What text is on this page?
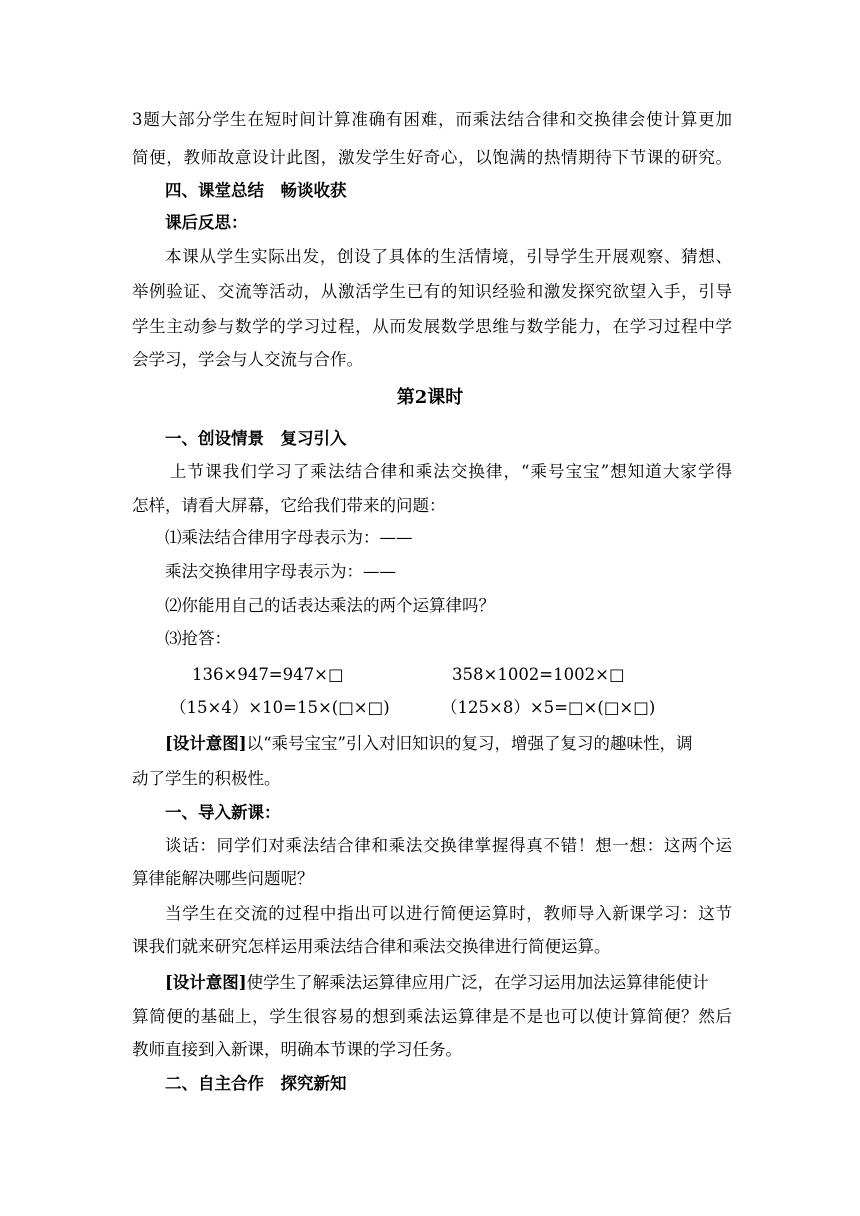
3题大部分学生在短时间计算准确有困难，而乘法结合律和交换律会使计算更加
简便，教师故意设计此图，激发学生好奇心，以饱满的热情期待下节课的研究。
四、课堂总结　畅谈收获
课后反思：
本课从学生实际出发，创设了具体的生活情境，引导学生开展观察、猜想、
举例验证、交流等活动，从激活学生已有的知识经验和激发探究欲望入手，引导
学生主动参与数学的学习过程，从而发展数学思维与数学能力，在学习过程中学
会学习，学会与人交流与合作。
第2课时
一、创设情景　复习引入
上节课我们学习了乘法结合律和乘法交换律，“乘号宝宝”想知道大家学得
怎样，请看大屏幕，它给我们带来的问题：
⑴乘法结合律用字母表示为：——
乘法交换律用字母表示为：——
⑵你能用自己的话表达乘法的两个运算律吗？
⑶抢答：
136×947=947×□	358×1002=1002×□
（15×4）×10=15×(□×□)	（125×8）×5=□×(□×□)
[设计意图]以“乘号宝宝”引入对旧知识的复习，增强了复习的趣味性，调
动了学生的积极性。
一、导入新课：
谈话：同学们对乘法结合律和乘法交换律掌握得真不错！想一想：这两个运
算律能解决哪些问题呢？
当学生在交流的过程中指出可以进行简便运算时，教师导入新课学习：这节
课我们就来研究怎样运用乘法结合律和乘法交换律进行简便运算。
[设计意图]使学生了解乘法运算律应用广泛，在学习运用加法运算律能使计
算简便的基础上，学生很容易的想到乘法运算律是不是也可以使计算简便？然后
教师直接到入新课，明确本节课的学习任务。
二、自主合作　探究新知
